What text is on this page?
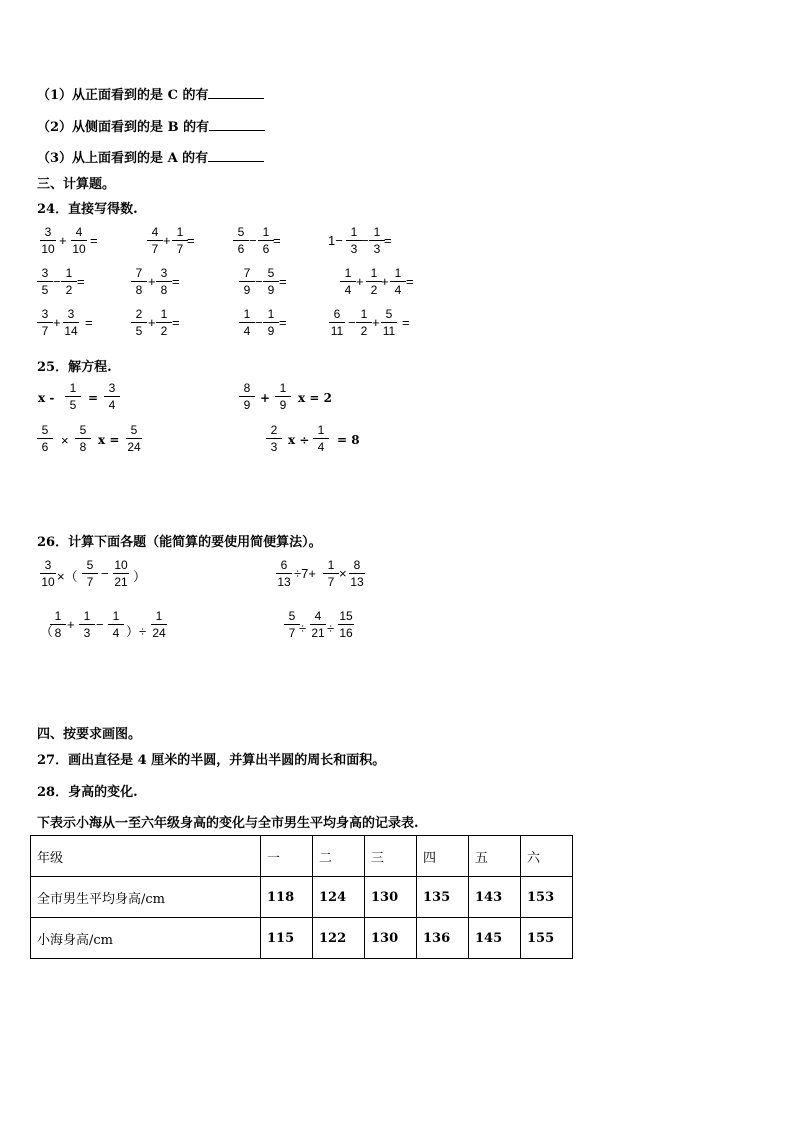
（1）从正面看到的是 C 的有
（2）从侧面看到的是 B 的有
（3）从上面看到的是 A 的有
三、计算题。
24．直接写得数.
3
10
+
4
10
=
4
7
+
1
7
=
5
6
−
1
6
=	1−
1
3
−
1
3
=
3
5
−
1
2
=
7
8
+
3
8
=
7
9
−
5
9
=
1
4
+
1
2
+
1
4
=
3
7
+
3
14
=
2
5
+
1
2
=
1
4
−
1
9
=
6
11
−
1
2
+
5
11
=
x -
1
5 =
3
4
8
9 +
1
9 x = 2
5
6 ×
5
8 x =
5
24
2
3 x ÷
1
4	= 8
3
10 ×（
5
7
−
10
21 ）
6
13
÷7+
1
7
×
8
13
（
1
8
+
1
3
−
1
4 ）÷
1
24
5
7 ÷
4
21 ÷
15
16
25．解方程.
26．计算下面各题（能简算的要使用简便算法）。
四、按要求画图。
27．画出直径是 4 厘米的半圆，并算出半圆的周长和面积。
28．身高的变化.
下表示小海从一至六年级身高的变化与全市男生平均身高的记录表.
年级	一	二	三	四	五	六
全市男生平均身高/cm	118	124	130	135	143	153
小海身高/cm	115	122	130	136	145	155
